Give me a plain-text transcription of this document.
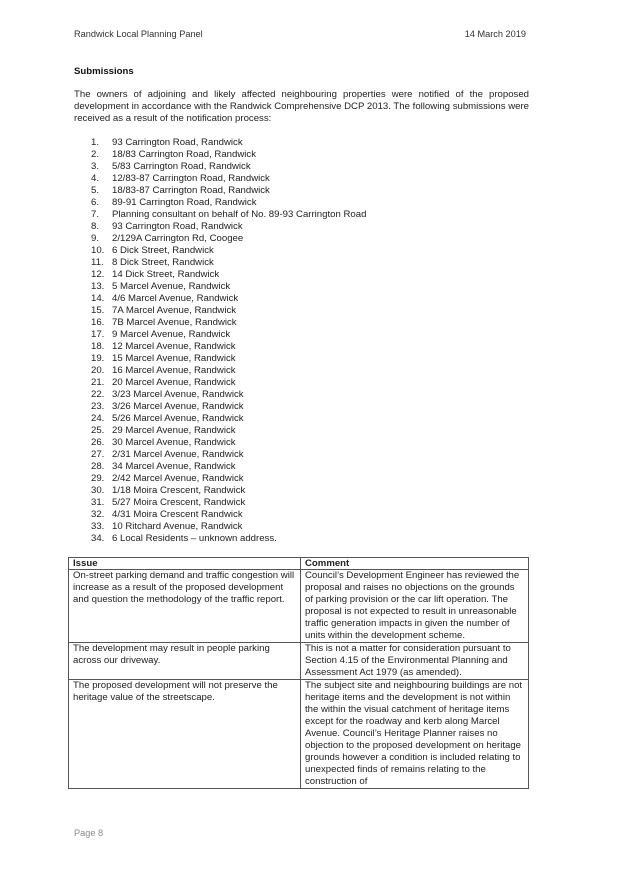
Randwick Local Planning Panel	14 March 2019
Submissions
The owners of adjoining and likely affected neighbouring properties were notified of the proposed development in accordance with the Randwick Comprehensive DCP 2013. The following submissions were received as a result of the notification process:
1. 93 Carrington Road, Randwick
2. 18/83 Carrington Road, Randwick
3. 5/83 Carrington Road, Randwick
4. 12/83-87 Carrington Road, Randwick
5. 18/83-87 Carrington Road, Randwick
6. 89-91 Carrington Road, Randwick
7. Planning consultant on behalf of No. 89-93 Carrington Road
8. 93 Carrington Road, Randwick
9. 2/129A Carrington Rd, Coogee
10. 6 Dick Street, Randwick
11. 8 Dick Street, Randwick
12. 14 Dick Street, Randwick
13. 5 Marcel Avenue, Randwick
14. 4/6 Marcel Avenue, Randwick
15. 7A Marcel Avenue, Randwick
16. 7B Marcel Avenue, Randwick
17. 9 Marcel Avenue, Randwick
18. 12 Marcel Avenue, Randwick
19. 15 Marcel Avenue, Randwick
20. 16 Marcel Avenue, Randwick
21. 20 Marcel Avenue, Randwick
22. 3/23 Marcel Avenue, Randwick
23. 3/26 Marcel Avenue, Randwick
24. 5/26 Marcel Avenue, Randwick
25. 29 Marcel Avenue, Randwick
26. 30 Marcel Avenue, Randwick
27. 2/31 Marcel Avenue, Randwick
28. 34 Marcel Avenue, Randwick
29. 2/42 Marcel Avenue, Randwick
30. 1/18 Moira Crescent, Randwick
31. 5/27 Moira Crescent, Randwick
32. 4/31 Moira Crescent Randwick
33. 10 Ritchard Avenue, Randwick
34. 6 Local Residents – unknown address.
Issue	Comment
On-street parking demand and traffic congestion will increase as a result of the proposed development and question the methodology of the traffic report.	Council’s Development Engineer has reviewed the proposal and raises no objections on the grounds of parking provision or the car lift operation. The proposal is not expected to result in unreasonable traffic generation impacts in given the number of units within the development scheme.
The development may result in people parking across our driveway.	This is not a matter for consideration pursuant to Section 4.15 of the Environmental Planning and Assessment Act 1979 (as amended).
The proposed development will not preserve the heritage value of the streetscape.	The subject site and neighbouring buildings are not heritage items and the development is not within the within the visual catchment of heritage items except for the roadway and kerb along Marcel Avenue. Council’s Heritage Planner raises no objection to the proposed development on heritage grounds however a condition is included relating to unexpected finds of remains relating to the construction of
Page 8
